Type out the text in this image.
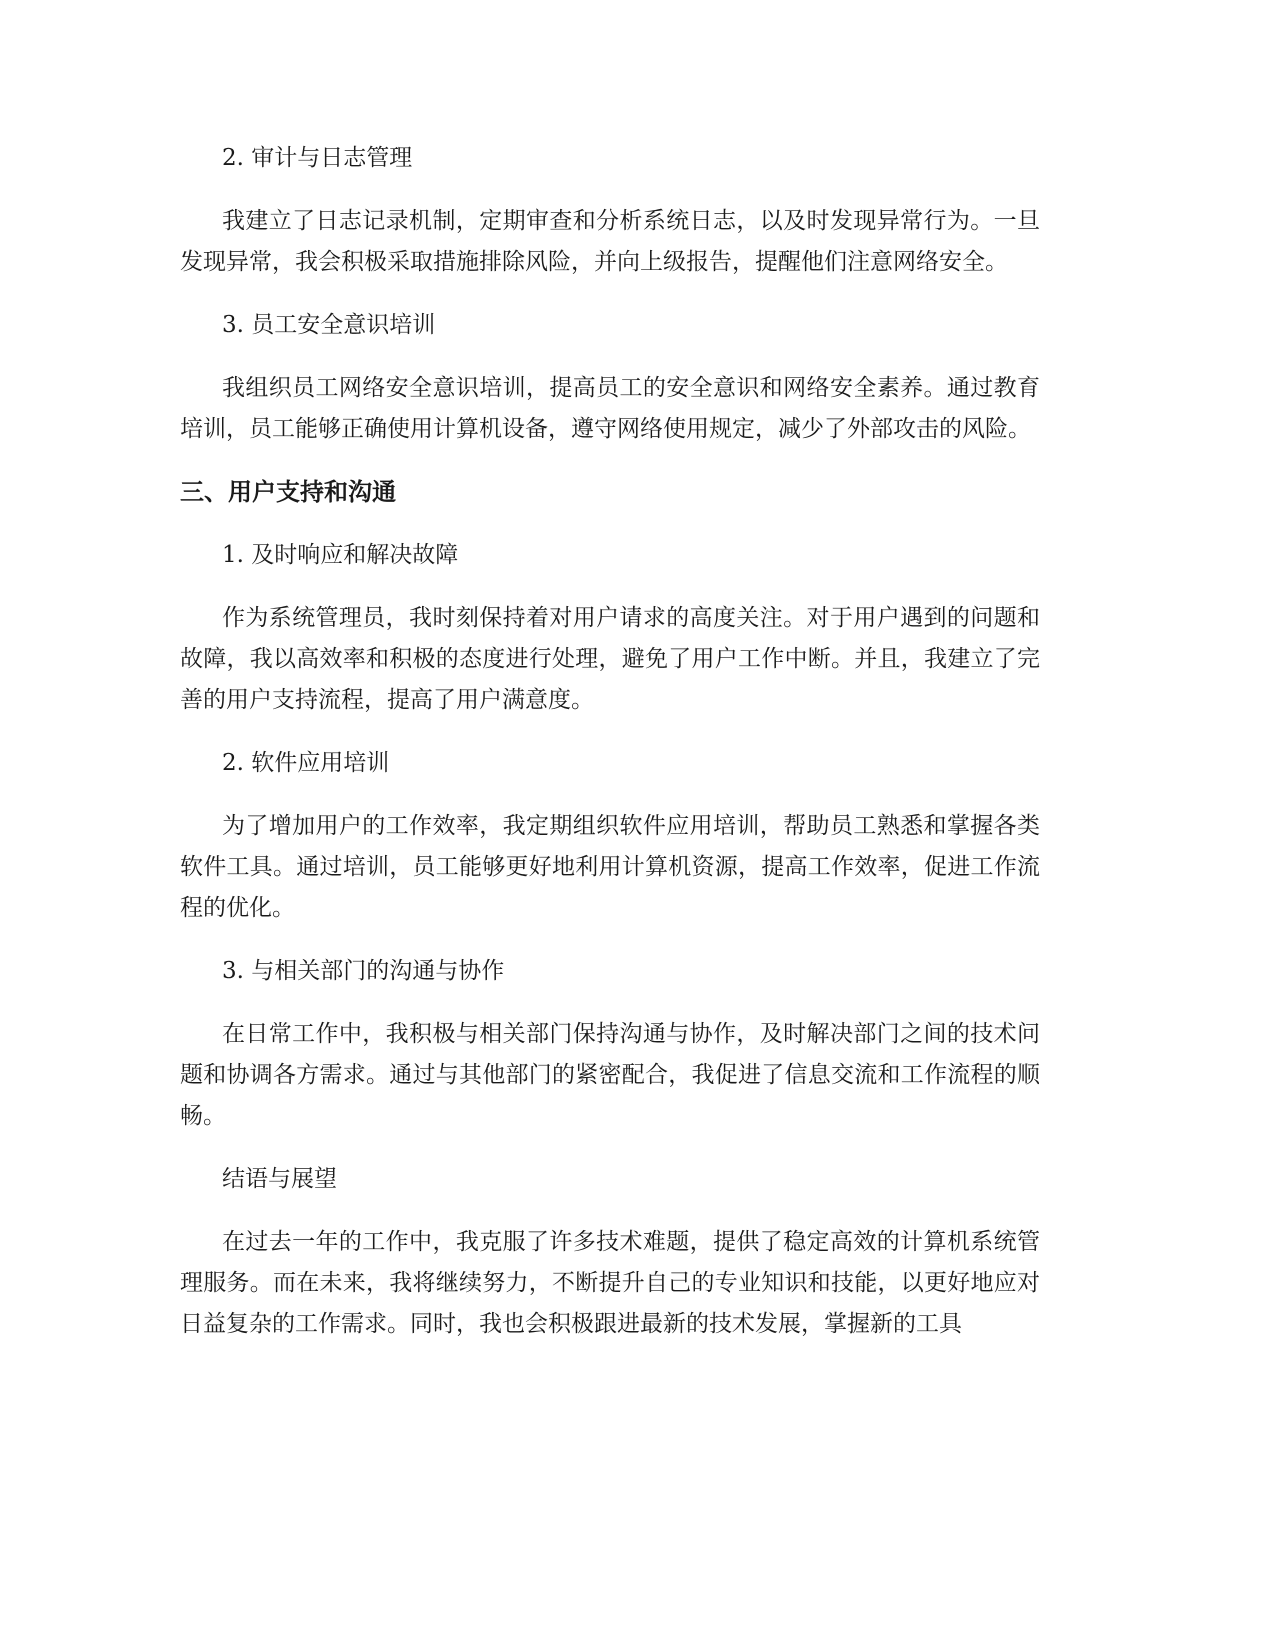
2. 审计与日志管理

我建立了日志记录机制，定期审查和分析系统日志，以及时发现异常行为。一旦发现异常，我会积极采取措施排除风险，并向上级报告，提醒他们注意网络安全。

3. 员工安全意识培训

我组织员工网络安全意识培训，提高员工的安全意识和网络安全素养。通过教育培训，员工能够正确使用计算机设备，遵守网络使用规定，减少了外部攻击的风险。

三、用户支持和沟通

1. 及时响应和解决故障

作为系统管理员，我时刻保持着对用户请求的高度关注。对于用户遇到的问题和故障，我以高效率和积极的态度进行处理，避免了用户工作中断。并且，我建立了完善的用户支持流程，提高了用户满意度。

2. 软件应用培训

为了增加用户的工作效率，我定期组织软件应用培训，帮助员工熟悉和掌握各类软件工具。通过培训，员工能够更好地利用计算机资源，提高工作效率，促进工作流程的优化。

3. 与相关部门的沟通与协作

在日常工作中，我积极与相关部门保持沟通与协作，及时解决部门之间的技术问题和协调各方需求。通过与其他部门的紧密配合，我促进了信息交流和工作流程的顺畅。

结语与展望

在过去一年的工作中，我克服了许多技术难题，提供了稳定高效的计算机系统管理服务。而在未来，我将继续努力，不断提升自己的专业知识和技能，以更好地应对日益复杂的工作需求。同时，我也会积极跟进最新的技术发展，掌握新的工具
